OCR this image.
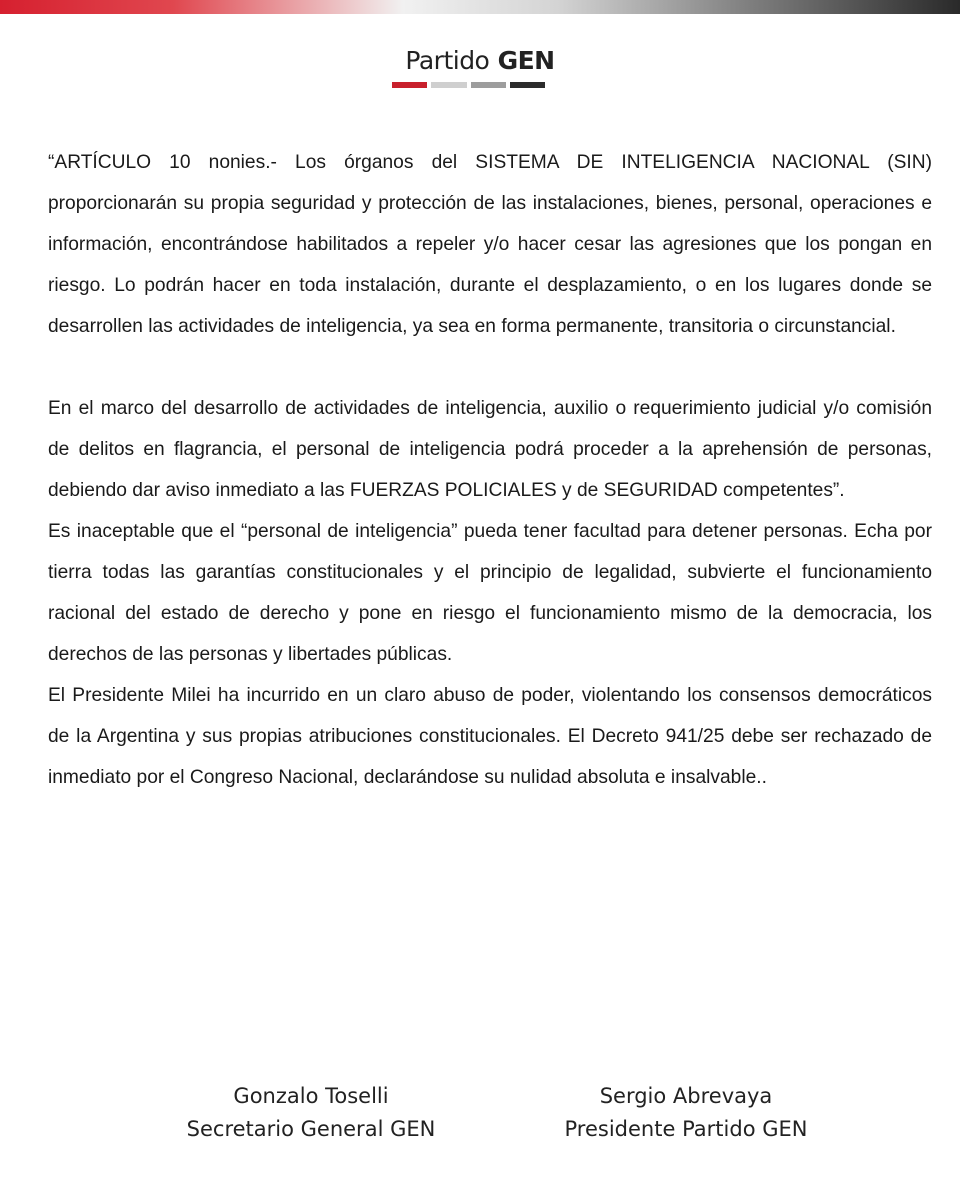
Partido GEN

“ARTÍCULO 10 nonies.- Los órganos del SISTEMA DE INTELIGENCIA NACIONAL (SIN) proporcionarán su propia seguridad y protección de las instalaciones, bienes, personal, operaciones e información, encontrándose habilitados a repeler y/o hacer cesar las agresiones que los pongan en riesgo. Lo podrán hacer en toda instalación, durante el desplazamiento, o en los lugares donde se desarrollen las actividades de inteligencia, ya sea en forma permanente, transitoria o circunstancial.

En el marco del desarrollo de actividades de inteligencia, auxilio o requerimiento judicial y/o comisión de delitos en flagrancia, el personal de inteligencia podrá proceder a la aprehensión de personas, debiendo dar aviso inmediato a las FUERZAS POLICIALES y de SEGURIDAD competentes”.

Es inaceptable que el “personal de inteligencia” pueda tener facultad para detener personas. Echa por tierra todas las garantías constitucionales y el principio de legalidad, subvierte el funcionamiento racional del estado de derecho y pone en riesgo el funcionamiento mismo de la democracia, los derechos de las personas y libertades públicas.

El Presidente Milei ha incurrido en un claro abuso de poder, violentando los consensos democráticos de la Argentina y sus propias atribuciones constitucionales. El Decreto 941/25 debe ser rechazado de inmediato por el Congreso Nacional, declarándose su nulidad absoluta e insalvable..

Gonzalo Toselli
Secretario General GEN
Sergio Abrevaya
Presidente Partido GEN
